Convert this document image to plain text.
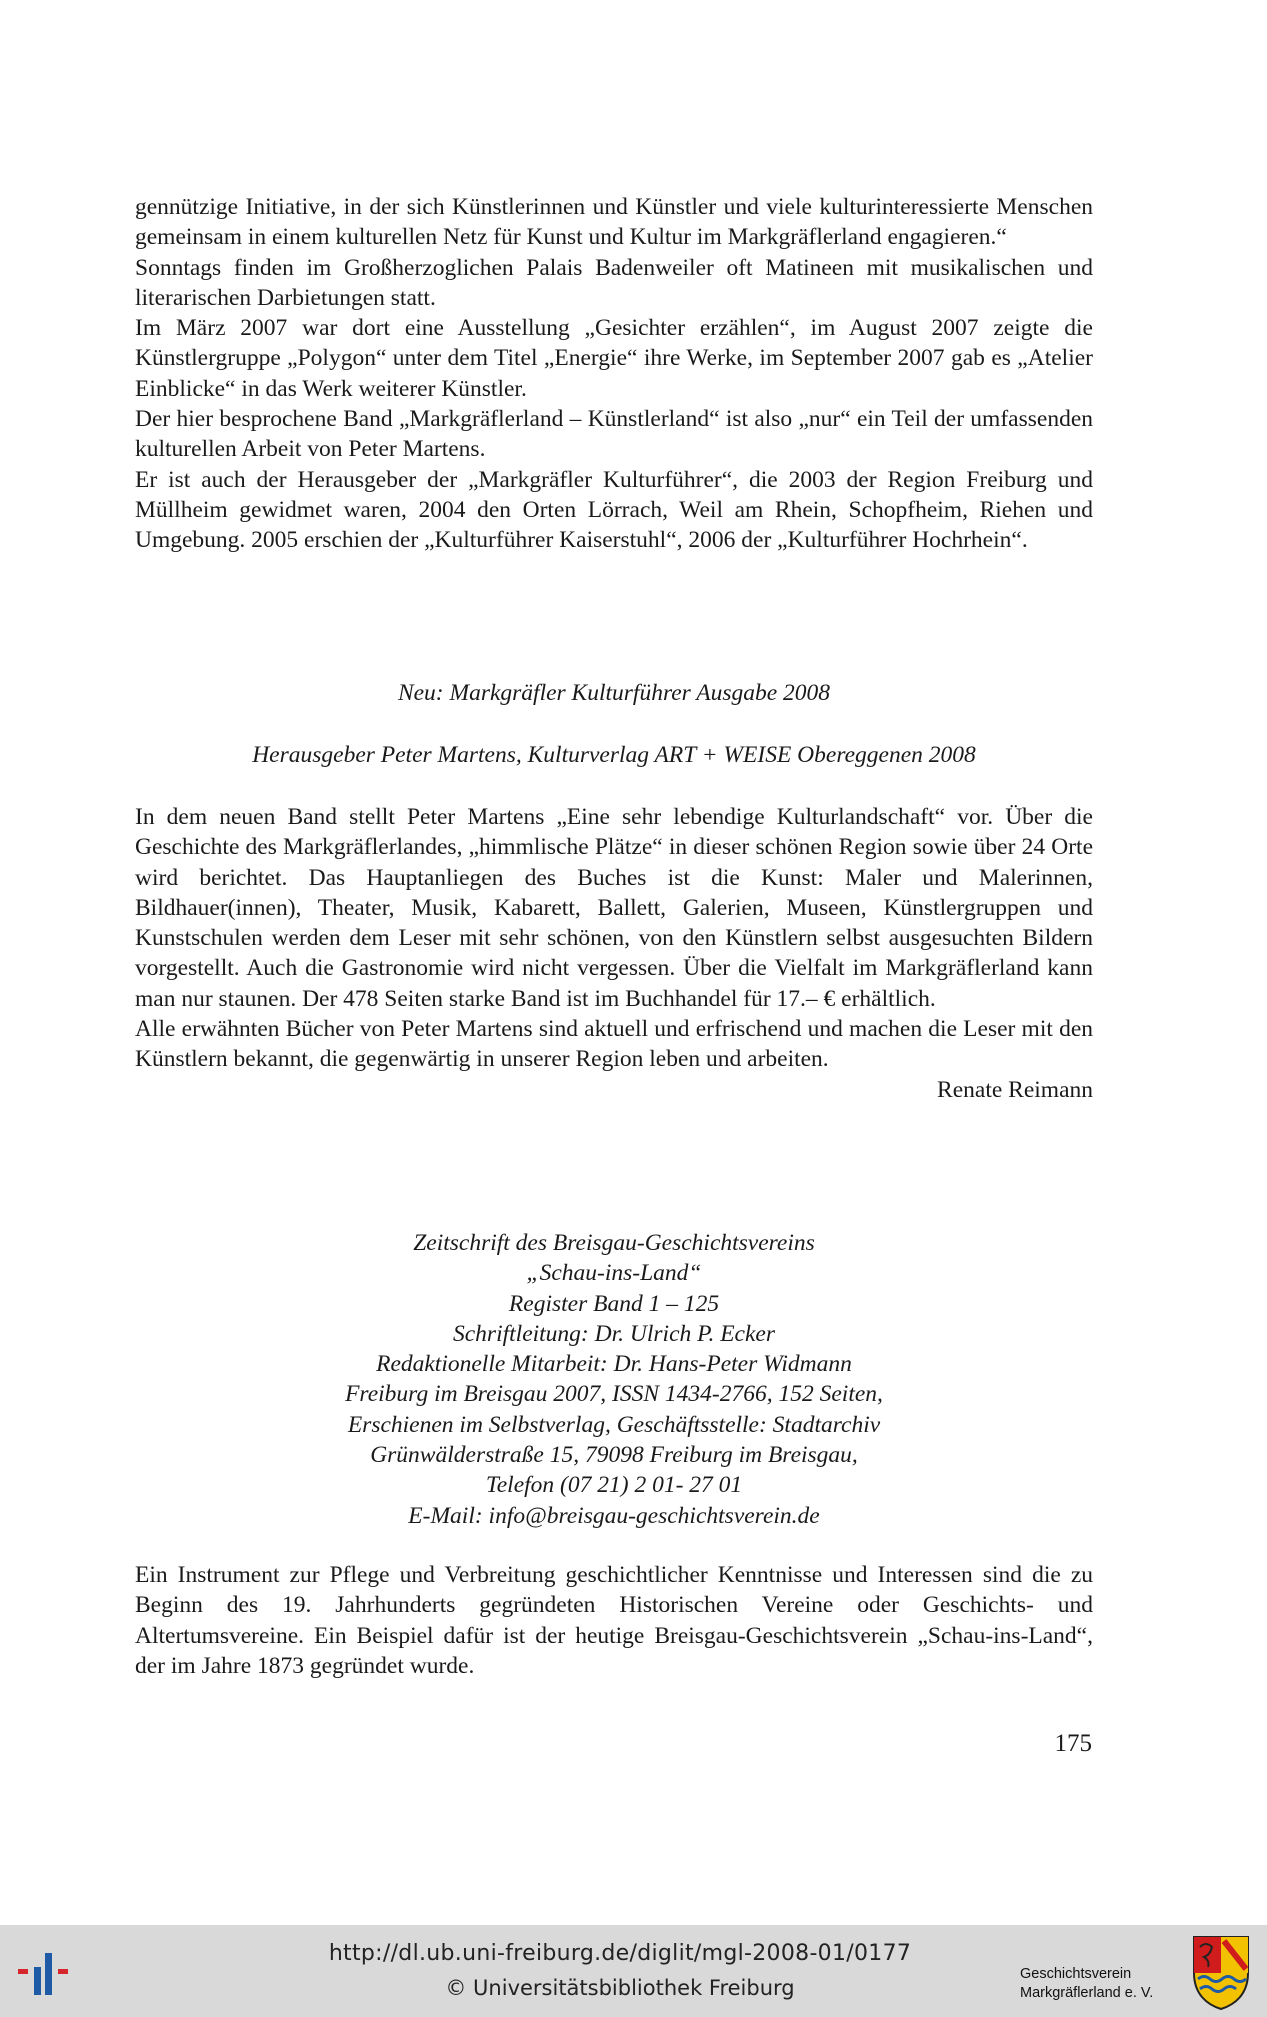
gennützige Initiative, in der sich Künstlerinnen und Künstler und viele kulturinteressierte Menschen gemeinsam in einem kulturellen Netz für Kunst und Kultur im Markgräflerland engagieren.“

Sonntags finden im Großherzoglichen Palais Badenweiler oft Matineen mit musikalischen und literarischen Darbietungen statt.

Im März 2007 war dort eine Ausstellung „Gesichter erzählen“, im August 2007 zeigte die Künstlergruppe „Polygon“ unter dem Titel „Energie“ ihre Werke, im September 2007 gab es „Atelier Einblicke“ in das Werk weiterer Künstler.

Der hier besprochene Band „Markgräflerland – Künstlerland“ ist also „nur“ ein Teil der umfassenden kulturellen Arbeit von Peter Martens.

Er ist auch der Herausgeber der „Markgräfler Kulturführer“, die 2003 der Region Freiburg und Müllheim gewidmet waren, 2004 den Orten Lörrach, Weil am Rhein, Schopfheim, Riehen und Umgebung. 2005 erschien der „Kulturführer Kaiserstuhl“, 2006 der „Kulturführer Hochrhein“.

Neu: Markgräfler Kulturführer Ausgabe 2008
Herausgeber Peter Martens, Kulturverlag ART + WEISE Obereggenen 2008

In dem neuen Band stellt Peter Martens „Eine sehr lebendige Kulturlandschaft“ vor. Über die Geschichte des Markgräflerlandes, „himmlische Plätze“ in dieser schönen Region sowie über 24 Orte wird berichtet. Das Hauptanliegen des Buches ist die Kunst: Maler und Malerinnen, Bildhauer(innen), Theater, Musik, Kabarett, Ballett, Galerien, Museen, Künstlergruppen und Kunstschulen werden dem Leser mit sehr schönen, von den Künstlern selbst ausgesuchten Bildern vorgestellt. Auch die Gastronomie wird nicht vergessen. Über die Vielfalt im Markgräflerland kann man nur staunen. Der 478 Seiten starke Band ist im Buchhandel für 17.– € erhältlich.

Alle erwähnten Bücher von Peter Martens sind aktuell und erfrischend und machen die Leser mit den Künstlern bekannt, die gegenwärtig in unserer Region leben und arbeiten.

Renate Reimann

Zeitschrift des Breisgau-Geschichtsvereins
„Schau-ins-Land“
Register Band 1 – 125
Schriftleitung: Dr. Ulrich P. Ecker
Redaktionelle Mitarbeit: Dr. Hans-Peter Widmann
Freiburg im Breisgau 2007, ISSN 1434-2766, 152 Seiten,
Erschienen im Selbstverlag, Geschäftsstelle: Stadtarchiv
Grünwälderstraße 15, 79098 Freiburg im Breisgau,
Telefon (07 21) 2 01- 27 01
E-Mail: info@breisgau-geschichtsverein.de

Ein Instrument zur Pflege und Verbreitung geschichtlicher Kenntnisse und Interessen sind die zu Beginn des 19. Jahrhunderts gegründeten Historischen Vereine oder Geschichts- und Altertumsvereine. Ein Beispiel dafür ist der heutige Breisgau-Geschichtsverein „Schau-ins-Land“, der im Jahre 1873 gegründet wurde.

175
http://dl.ub.uni-freiburg.de/diglit/mgl-2008-01/0177
© Universitätsbibliothek Freiburg
Geschichtsverein
Markgräflerland e. V.
